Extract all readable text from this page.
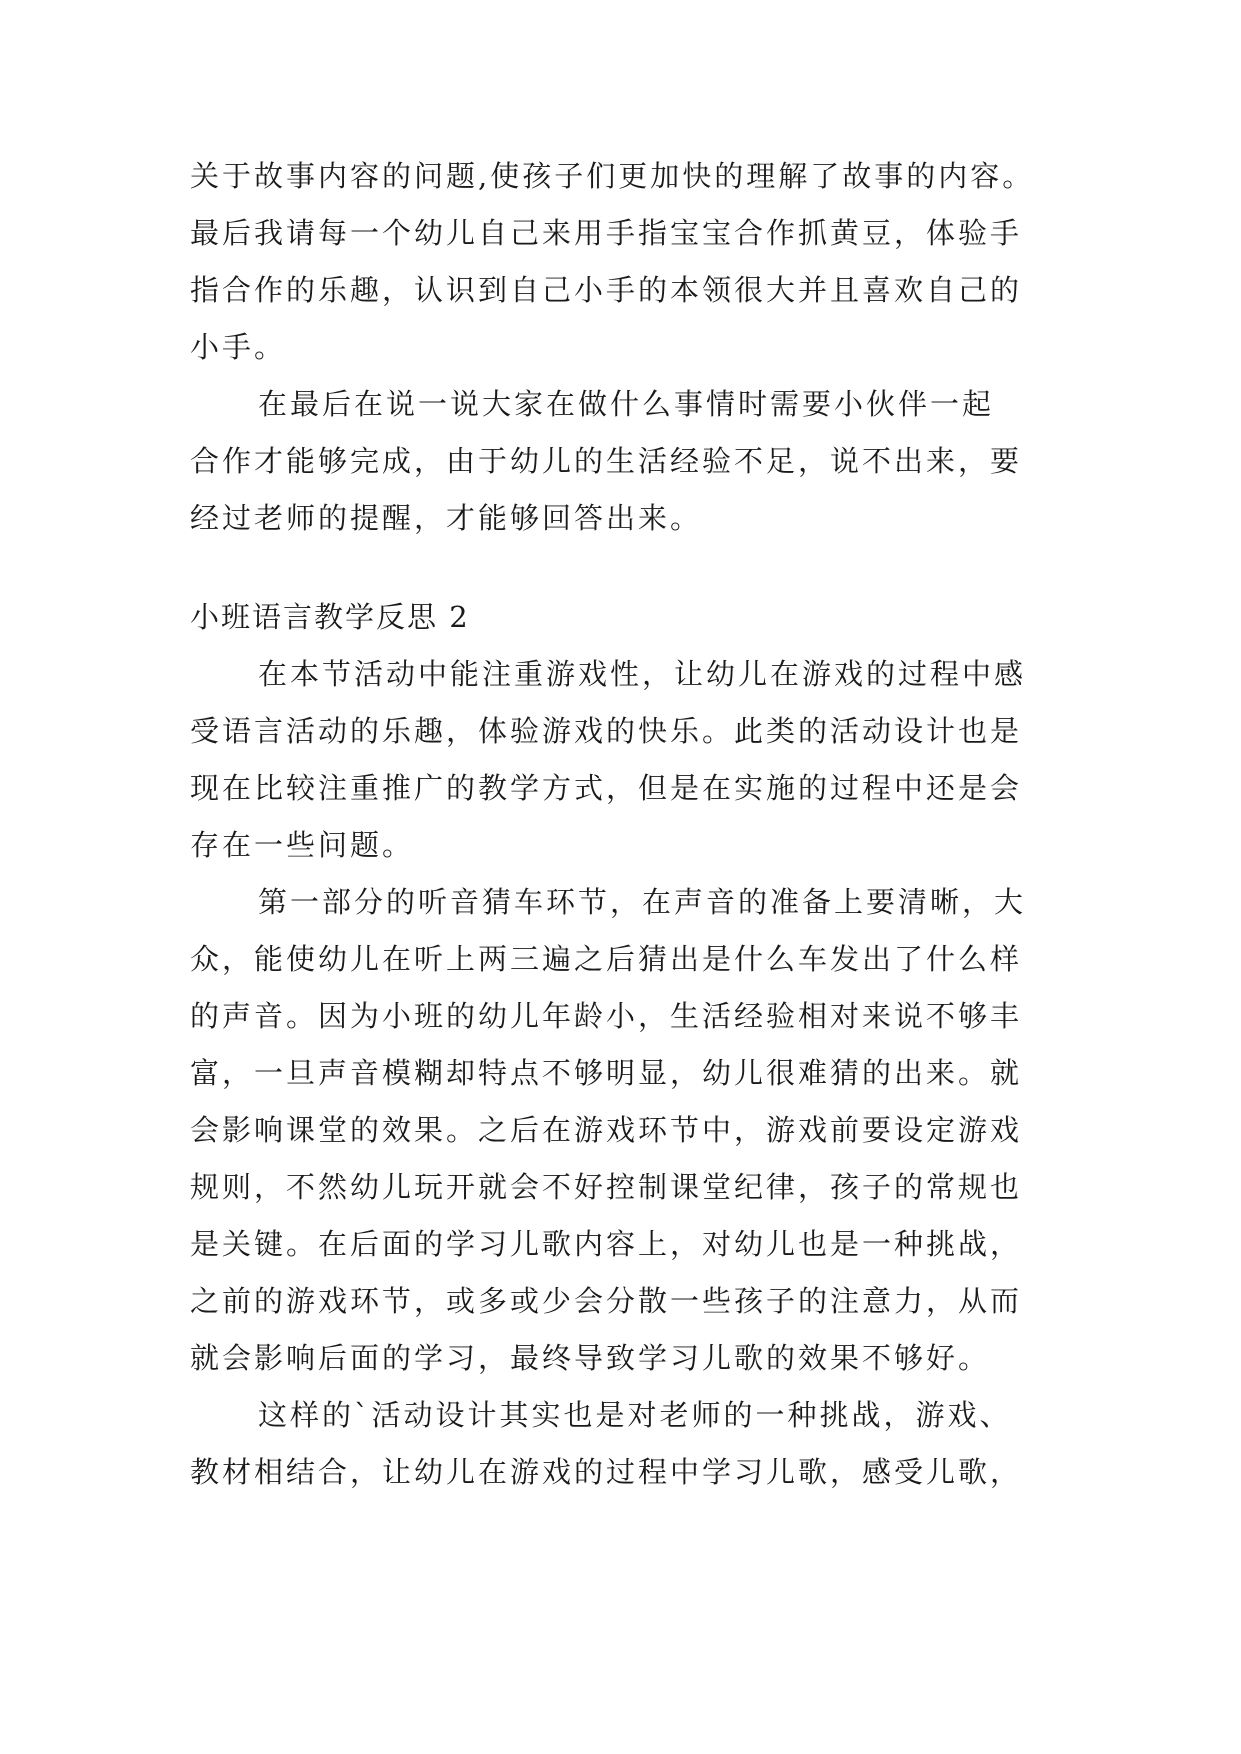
关于故事内容的问题,使孩子们更加快的理解了故事的内容。
最后我请每一个幼儿自己来用手指宝宝合作抓黄豆，体验手
指合作的乐趣，认识到自己小手的本领很大并且喜欢自己的
小手。
在最后在说一说大家在做什么事情时需要小伙伴一起
合作才能够完成，由于幼儿的生活经验不足，说不出来，要
经过老师的提醒，才能够回答出来。
小班语言教学反思 2
在本节活动中能注重游戏性，让幼儿在游戏的过程中感
受语言活动的乐趣，体验游戏的快乐。此类的活动设计也是
现在比较注重推广的教学方式，但是在实施的过程中还是会
存在一些问题。
第一部分的听音猜车环节，在声音的准备上要清晰，大
众，能使幼儿在听上两三遍之后猜出是什么车发出了什么样
的声音。因为小班的幼儿年龄小，生活经验相对来说不够丰
富，一旦声音模糊却特点不够明显，幼儿很难猜的出来。就
会影响课堂的效果。之后在游戏环节中，游戏前要设定游戏
规则，不然幼儿玩开就会不好控制课堂纪律，孩子的常规也
是关键。在后面的学习儿歌内容上，对幼儿也是一种挑战，
之前的游戏环节，或多或少会分散一些孩子的注意力，从而
就会影响后面的学习，最终导致学习儿歌的效果不够好。
这样的`活动设计其实也是对老师的一种挑战，游戏、
教材相结合，让幼儿在游戏的过程中学习儿歌，感受儿歌，
